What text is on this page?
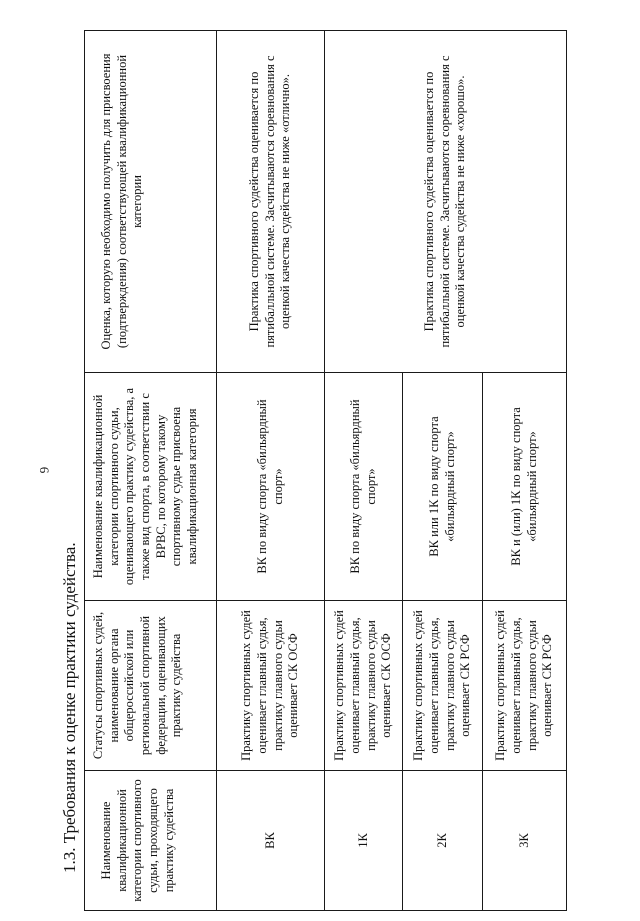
6
1.3. Требования к оценке практики судейства. Наименование квалификационной категории спортивного судьи, проходящего практику судейства	Статусы спортивных судей, наименование органа общероссийской или региональной спортивной федерации, оценивающих практику судейства	Наименование квалификационной категории спортивного судьи, оценивающего практику судейства, а также вид спорта, в соответствии с ВРВС, по которому такому спортивному судье присвоена квалификационная категория	Оценка, которую необходимо получить для присвоения (подтверждения) соответствующей квалификационной категории
ВК	Практику спортивных судей оценивает главный судья, практику главного судьи оценивает СК ОСФ	ВК по виду спорта «бильярдный спорт»	Практика спортивного судейства оценивается по пятибалльной системе. Засчитываются соревнования с оценкой качества судейства не ниже «отлично».
1К	Практику спортивных судей оценивает главный судья, практику главного судьи оценивает СК ОСФ	ВК по виду спорта «бильярдный спорт»	Практика спортивного судейства оценивается по пятибалльной системе. Засчитываются соревнования с оценкой качества судейства не ниже «хорошо».
2К	Практику спортивных судей оценивает главный судья, практику главного судьи оценивает СК РСФ	ВК или 1К по виду спорта «бильярдный спорт»	
3К	Практику спортивных судей оценивает главный судья, практику главного судьи оценивает СК РСФ	ВК и (или) 1К по виду спорта «бильярдный спорт»	
